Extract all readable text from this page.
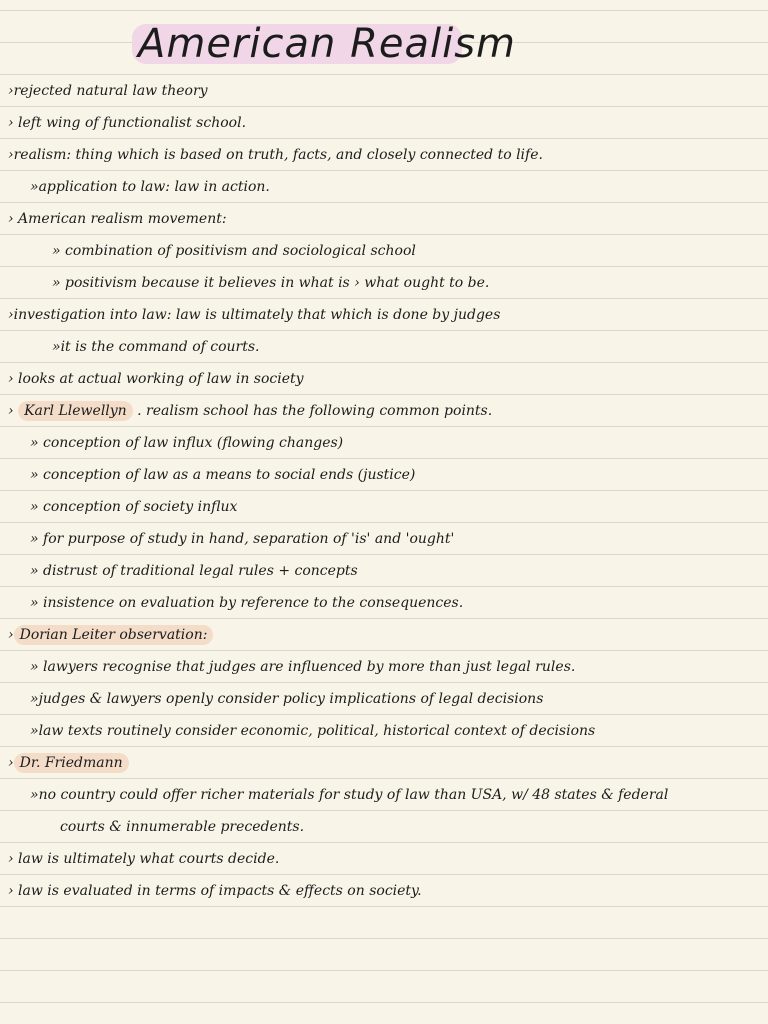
American Realism
›rejected natural law theory
› left wing of functionalist school.
›realism: thing which is based on truth, facts, and closely connected to life.
»application to law: law in action.
› American realism movement:
» combination of positivism and sociological school
» positivism because it believes in what is › what ought to be.
›investigation into law: law is ultimately that which is done by judges
»it is the command of courts.
› looks at actual working of law in society
› Karl Llewellyn . realism school has the following common points.
» conception of law influx (flowing changes)
» conception of law as a means to social ends (justice)
» conception of society influx
» for purpose of study in hand, separation of 'is' and 'ought'
» distrust of traditional legal rules + concepts
» insistence on evaluation by reference to the consequences.
› Dorian Leiter observation:
» lawyers recognise that judges are influenced by more than just legal rules.
»judges & lawyers openly consider policy implications of legal decisions
»law texts routinely consider economic, political, historical context of decisions
› Dr. Friedmann
»no country could offer richer materials for study of law than USA, w/ 48 states & federal
courts & innumerable precedents.
› law is ultimately what courts decide.
› law is evaluated in terms of impacts & effects on society.
